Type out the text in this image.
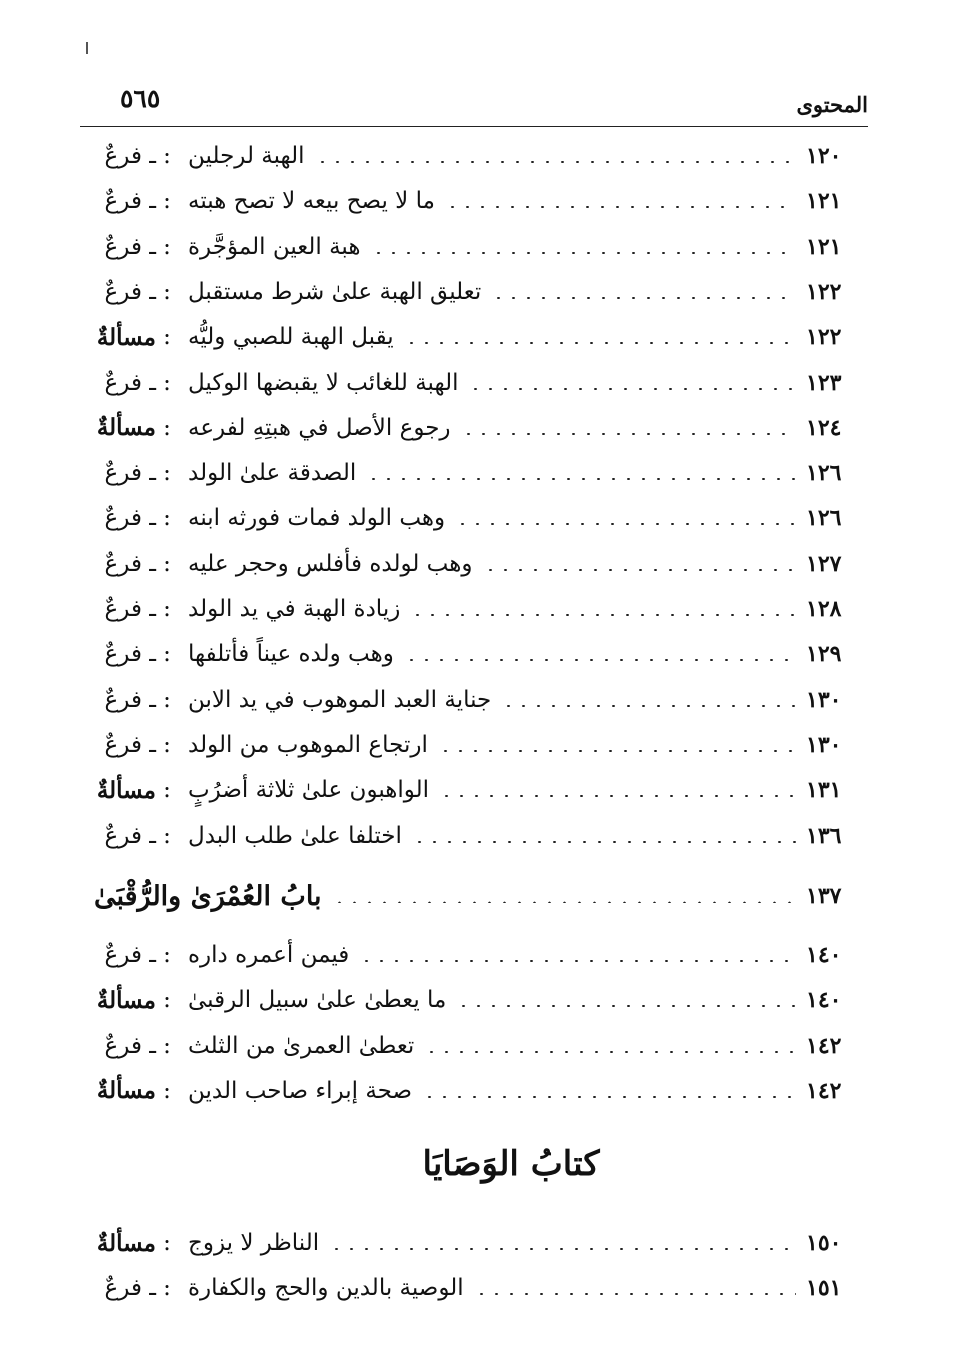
المحتوى
٥٦٥
ـ فرعٌ : الهبة لرجلين	١٢٠
ـ فرعٌ : ما لا يصح بيعه لا تصح هبته	١٢١
ـ فرعٌ : هبة العين المؤجَّرة	١٢١
ـ فرعٌ : تعليق الهبة علىٰ شرط مستقبل	١٢٢
مسألةٌ : يقبل الهبة للصبي وليُّه	١٢٢
ـ فرعٌ : الهبة للغائب لا يقبضها الوكيل	١٢٣
مسألةٌ : رجوع الأصل في هبتِهِ لفرعه	١٢٤
ـ فرعٌ : الصدقة علىٰ الولد	١٢٦
ـ فرعٌ : وهب الولد فمات فورثه ابنه	١٢٦
ـ فرعٌ : وهب لولده فأفلس وحجر عليه	١٢٧
ـ فرعٌ : زيادة الهبة في يد الولد	١٢٨
ـ فرعٌ : وهب ولده عيناً فأتلفها	١٢٩
ـ فرعٌ : جناية العبد الموهوب في يد الابن	١٣٠
ـ فرعٌ : ارتجاع الموهوب من الولد	١٣٠
مسألةٌ : الواهبون علىٰ ثلاثة أضرُبٍ	١٣١
ـ فرعٌ : اختلفا علىٰ طلب البدل	١٣٦
بابُ العُمْرَىٰ والرُّقْبَىٰ	١٣٧
ـ فرعٌ : فيمن أعمره داره	١٤٠
مسألةٌ : ما يعطىٰ علىٰ سبيل الرقبىٰ	١٤٠
ـ فرعٌ : تعطىٰ العمرىٰ من الثلث	١٤٢
مسألةٌ : صحة إبراء صاحب الدين	١٤٢
كتابُ الوَصَايَا
مسألةٌ : الناظر لا يزوج	١٥٠
ـ فرعٌ : الوصية بالدين والحج والكفارة	١٥١
